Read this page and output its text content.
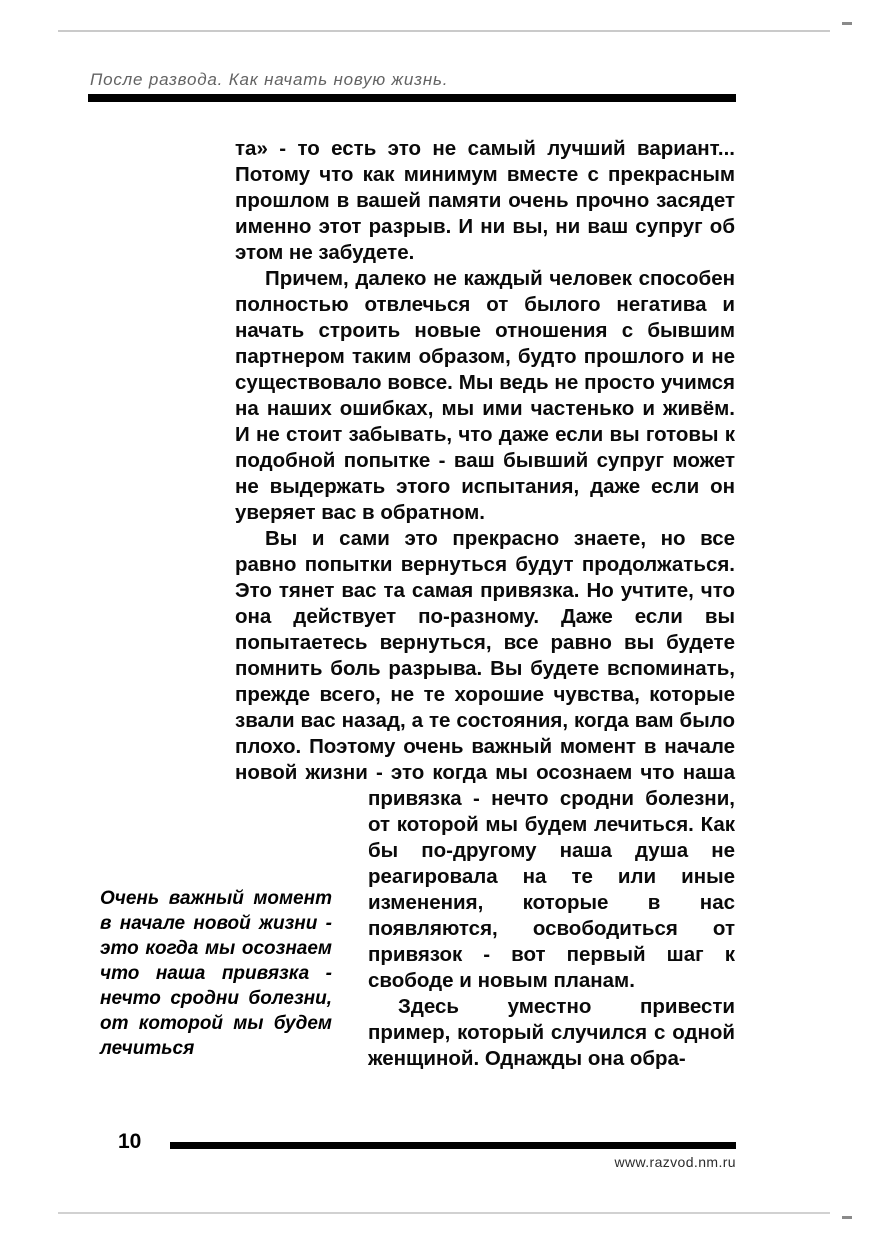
После развода. Как начать новую жизнь.

та» - то есть это не самый лучший вариант... Потому что как минимум вместе с прекрасным прошлом в вашей памяти очень прочно засядет именно этот разрыв. И ни вы, ни ваш супруг об этом не забудете.

Причем, далеко не каждый человек способен полностью отвлечься от былого негатива и начать строить новые отношения с бывшим партнером таким образом, будто прошлого и не существовало вовсе. Мы ведь не просто учимся на наших ошибках, мы ими частенько и живём. И не стоит забывать, что даже если вы готовы к подобной попытке - ваш бывший супруг может не выдержать этого испытания, даже если он уверяет вас в обратном.

Вы и сами это прекрасно знаете, но все равно попытки вернуться будут продолжаться. Это тянет вас та самая привязка. Но учтите, что она действует по-разному. Даже если вы попытаетесь вернуться, все равно вы будете помнить боль разрыва. Вы будете вспоминать, прежде всего, не те хорошие чувства, которые звали вас назад, а те состояния, когда вам было плохо. Поэтому очень важный момент в начале новой жизни - это когда мы осознаем что наша

привязка - нечто сродни болезни, от которой мы будем лечиться. Как бы по-другому наша душа не реагировала на те или иные изменения, которые в нас появляются, освободиться от привязок - вот первый шаг к свободе и новым планам.

Здесь уместно привести пример, который случился с одной женщиной. Однажды она обра-

Очень важный момент в начале новой жизни - это когда мы осознаем что наша привязка - нечто сродни болезни, от которой мы будем лечиться
10
www.razvod.nm.ru
